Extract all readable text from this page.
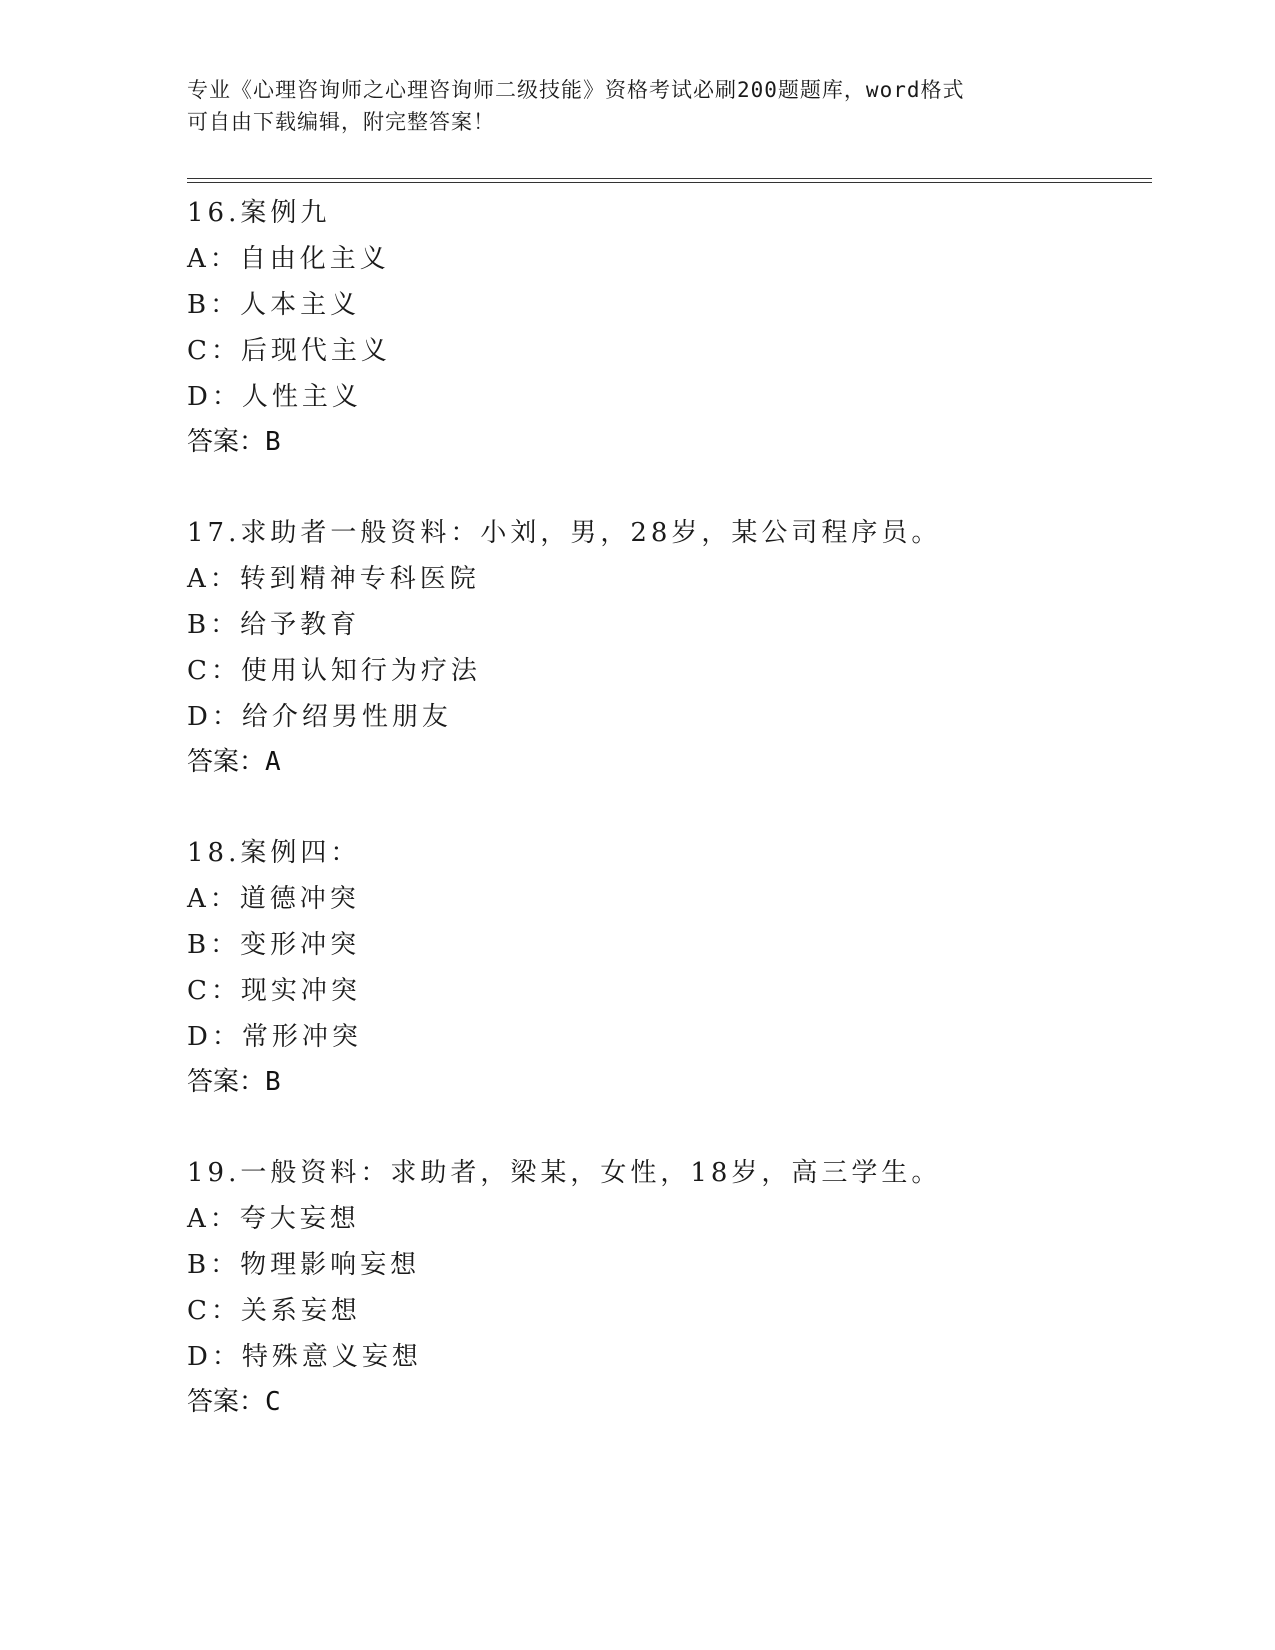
专业《心理咨询师之心理咨询师二级技能》资格考试必刷200题题库，word格式
可自由下载编辑，附完整答案！
16.案例九
A：自由化主义
B：人本主义
C：后现代主义
D：人性主义
答案：B
17.求助者一般资料：小刘，男，28岁，某公司程序员。
A：转到精神专科医院
B：给予教育
C：使用认知行为疗法
D：给介绍男性朋友
答案：A
18.案例四：
A：道德冲突
B：变形冲突
C：现实冲突
D：常形冲突
答案：B
19.一般资料：求助者，梁某，女性，18岁，高三学生。
A：夸大妄想
B：物理影响妄想
C：关系妄想
D：特殊意义妄想
答案：C
